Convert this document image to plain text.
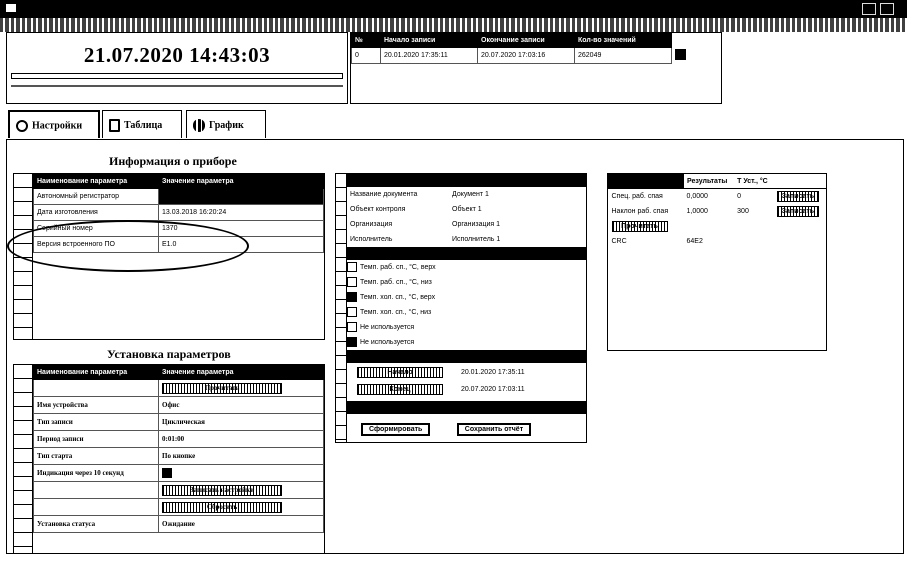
21.07.2020 14:43:03
№	Начало записи	Окончание записи	Кол-во значений	
0	20.01.2020 17:35:11	20.07.2020 17:03:16	262049	
Настройки	Таблица	График
Информация о приборе
Наименование параметра	Значение параметра
Автономный регистратор	
Дата изготовления	13.03.2018 16:20:24
Серийный номер	1370
Версия встроенного ПО	E1.0
Установка параметров
Наименование параметра	Значение параметра
	Прочитать
Имя устройства	Офис
Тип записи	Циклическая
Период записи	0:01:00
Тип старта	По кнопке
Индикация через 10 секунд	
	Записать настройки
	Сбросить
Установка статуса	Ожидание
Название документа	Документ 1
Объект контроля	Объект 1
Организация	Организация 1
Исполнитель	Исполнитель 1
Темп. раб. сп., °С, верх
Темп. раб. сп., °С, низ
Темп. хол. сп., °С, верх
Темп. хол. сп., °С, низ
Не используется
Не используется
Начало	20.01.2020 17:35:11
Конец	20.07.2020 17:03:11
Сформировать	Сохранить отчёт
	Результаты	T Уст., °С	
Спец. раб. спая	0,0000	0	Записать
Наклон раб. спая	1,0000	300	Записать
Прочитать			
CRC	64E2		
